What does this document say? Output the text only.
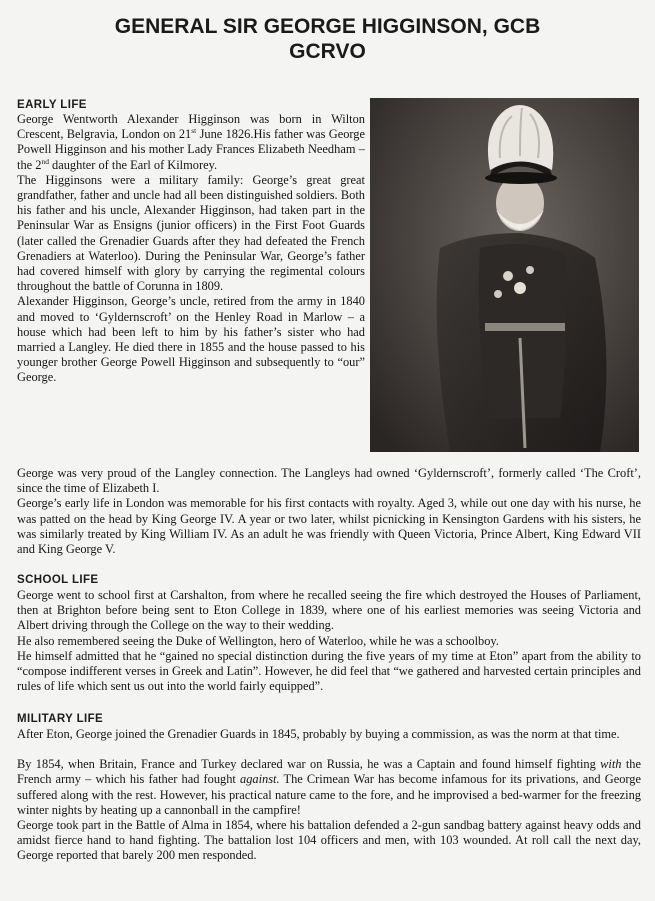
GENERAL SIR GEORGE HIGGINSON, GCB
GCRVO
EARLY LIFE

George Wentworth Alexander Higginson was born in Wilton Crescent, Belgravia, London on 21st June 1826.His father was George Powell Higginson and his mother Lady Frances Elizabeth Needham – the 2nd daughter of the Earl of Kilmorey.

The Higginsons were a military family: George’s great great grandfather, father and uncle had all been distinguished soldiers. Both his father and his uncle, Alexander Higginson, had taken part in the Peninsular War as Ensigns (junior officers) in the First Foot Guards (later called the Grenadier Guards after they had defeated the French Grenadiers at Waterloo). During the Peninsular War, George’s father had covered himself with glory by carrying the regimental colours throughout the battle of Corunna in 1809.

Alexander Higginson, George’s uncle, retired from the army in 1840 and moved to ‘Gyldernscroft’ on the Henley Road in Marlow – a house which had been left to him by his father’s sister who had married a Langley. He died there in 1855 and the house passed to his younger brother George Powell Higginson and subsequently to “our” George.

George was very proud of the Langley connection. The Langleys had owned ‘Gyldernscroft’, formerly called ‘The Croft’, since the time of Elizabeth I.

George’s early life in London was memorable for his first contacts with royalty. Aged 3, while out one day with his nurse, he was patted on the head by King George IV. A year or two later, whilst picnicking in Kensington Gardens with his sisters, he was similarly treated by King William IV. As an adult he was friendly with Queen Victoria, Prince Albert, King Edward VII and King George V.

SCHOOL LIFE

George went to school first at Carshalton, from where he recalled seeing the fire which destroyed the Houses of Parliament, then at Brighton before being sent to Eton College in 1839, where one of his earliest memories was seeing Victoria and Albert driving through the College on the way to their wedding.

He also remembered seeing the Duke of Wellington, hero of Waterloo, while he was a schoolboy.

He himself admitted that he “gained no special distinction during the five years of my time at Eton” apart from the ability to “compose indifferent verses in Greek and Latin”. However, he did feel that “we gathered and harvested certain principles and rules of life which sent us out into the world fairly equipped”.

MILITARY LIFE

After Eton, George joined the Grenadier Guards in 1845, probably by buying a commission, as was the norm at that time.

By 1854, when Britain, France and Turkey declared war on Russia, he was a Captain and found himself fighting with the French army – which his father had fought against. The Crimean War has become infamous for its privations, and George suffered along with the rest. However, his practical nature came to the fore, and he improvised a bed-warmer for the freezing winter nights by heating up a cannonball in the campfire!

George took part in the Battle of Alma in 1854, where his battalion defended a 2-gun sandbag battery against heavy odds and amidst fierce hand to hand fighting. The battalion lost 104 officers and men, with 103 wounded. At roll call the next day, George reported that barely 200 men responded.
